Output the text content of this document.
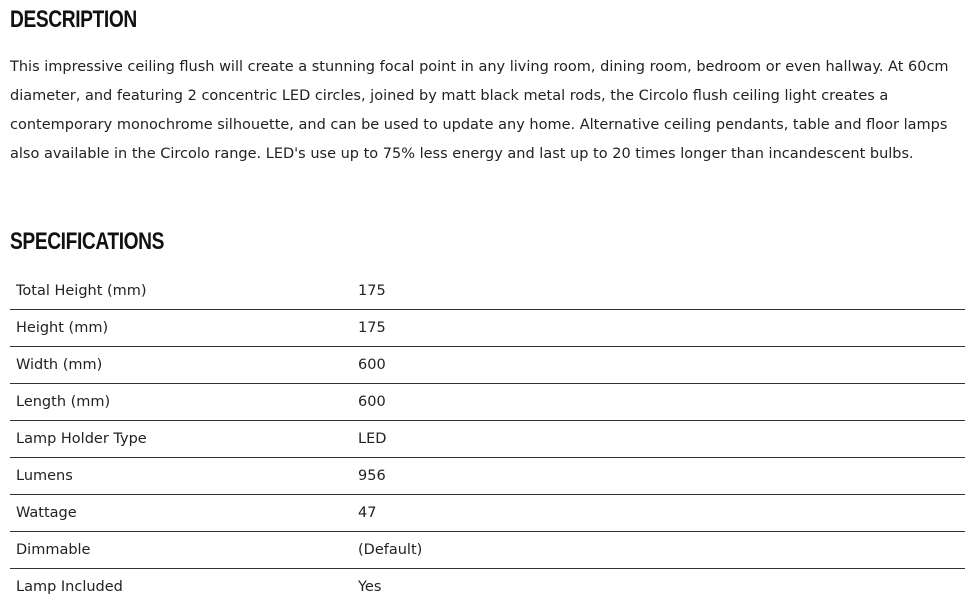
DESCRIPTION

This impressive ceiling flush will create a stunning focal point in any living room, dining room, bedroom or even hallway. At 60cm diameter, and featuring 2 concentric LED circles, joined by matt black metal rods, the Circolo flush ceiling light creates a contemporary monochrome silhouette, and can be used to update any home. Alternative ceiling pendants, table and floor lamps also available in the Circolo range. LED's use up to 75% less energy and last up to 20 times longer than incandescent bulbs.

SPECIFICATIONS
Total Height (mm)	175
Height (mm)	175
Width (mm)	600
Length (mm)	600
Lamp Holder Type	LED
Lumens	956
Wattage	47
Dimmable	(Default)
Lamp Included	Yes
